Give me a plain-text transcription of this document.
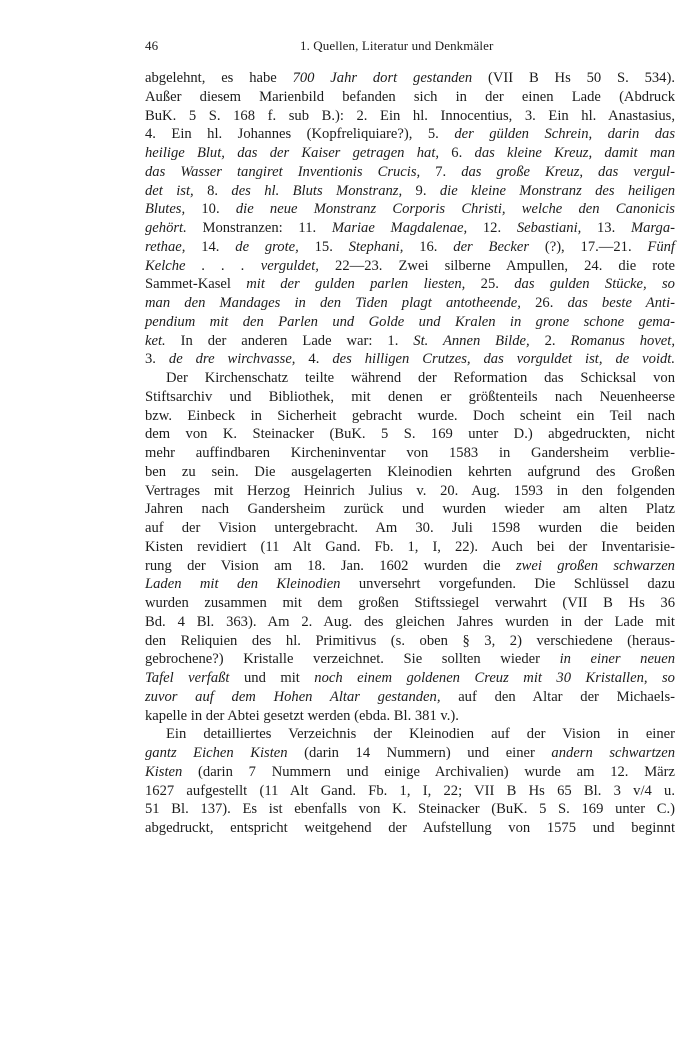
46	1. Quellen, Literatur und Denkmäler
abgelehnt, es habe 700 Jahr dort gestanden (VII B Hs 50 S. 534).
Außer diesem Marienbild befanden sich in der einen Lade (Abdruck
BuK. 5 S. 168 f. sub B.): 2. Ein hl. Innocentius, 3. Ein hl. Anastasius,
4. Ein hl. Johannes (Kopfreliquiare?), 5. der gülden Schrein, darin das
heilige Blut, das der Kaiser getragen hat, 6. das kleine Kreuz, damit man
das Wasser tangiret Inventionis Crucis, 7. das große Kreuz, das vergul-
det ist, 8. des hl. Bluts Monstranz, 9. die kleine Monstranz des heiligen
Blutes, 10. die neue Monstranz Corporis Christi, welche den Canonicis
gehört. Monstranzen: 11. Mariae Magdalenae, 12. Sebastiani, 13. Marga-
rethae, 14. de grote, 15. Stephani, 16. der Becker (?), 17.—21. Fünf
Kelche . . . verguldet, 22—23. Zwei silberne Ampullen, 24. die rote
Sammet-Kasel mit der gulden parlen liesten, 25. das gulden Stücke, so
man den Mandages in den Tiden plagt antotheende, 26. das beste Anti-
pendium mit den Parlen und Golde und Kralen in grone schone gema-
ket. In der anderen Lade war: 1. St. Annen Bilde, 2. Romanus hovet,
3. de dre wirchvasse, 4. des hilligen Crutzes, das vorguldet ist, de voidt.
Der Kirchenschatz teilte während der Reformation das Schicksal von
Stiftsarchiv und Bibliothek, mit denen er größtenteils nach Neuenheerse
bzw. Einbeck in Sicherheit gebracht wurde. Doch scheint ein Teil nach
dem von K. Steinacker (BuK. 5 S. 169 unter D.) abgedruckten, nicht
mehr auffindbaren Kircheninventar von 1583 in Gandersheim verblie-
ben zu sein. Die ausgelagerten Kleinodien kehrten aufgrund des Großen
Vertrages mit Herzog Heinrich Julius v. 20. Aug. 1593 in den folgenden
Jahren nach Gandersheim zurück und wurden wieder am alten Platz
auf der Vision untergebracht. Am 30. Juli 1598 wurden die beiden
Kisten revidiert (11 Alt Gand. Fb. 1, I, 22). Auch bei der Inventarisie-
rung der Vision am 18. Jan. 1602 wurden die zwei großen schwarzen
Laden mit den Kleinodien unversehrt vorgefunden. Die Schlüssel dazu
wurden zusammen mit dem großen Stiftssiegel verwahrt (VII B Hs 36
Bd. 4 Bl. 363). Am 2. Aug. des gleichen Jahres wurden in der Lade mit
den Reliquien des hl. Primitivus (s. oben § 3, 2) verschiedene (heraus-
gebrochene?) Kristalle verzeichnet. Sie sollten wieder in einer neuen
Tafel verfaßt und mit noch einem goldenen Creuz mit 30 Kristallen, so
zuvor auf dem Hohen Altar gestanden, auf den Altar der Michaels-
kapelle in der Abtei gesetzt werden (ebda. Bl. 381 v.).
Ein detailliertes Verzeichnis der Kleinodien auf der Vision in einer
gantz Eichen Kisten (darin 14 Nummern) und einer andern schwartzen
Kisten (darin 7 Nummern und einige Archivalien) wurde am 12. März
1627 aufgestellt (11 Alt Gand. Fb. 1, I, 22; VII B Hs 65 Bl. 3 v/4 u.
51 Bl. 137). Es ist ebenfalls von K. Steinacker (BuK. 5 S. 169 unter C.)
abgedruckt, entspricht weitgehend der Aufstellung von 1575 und beginnt
